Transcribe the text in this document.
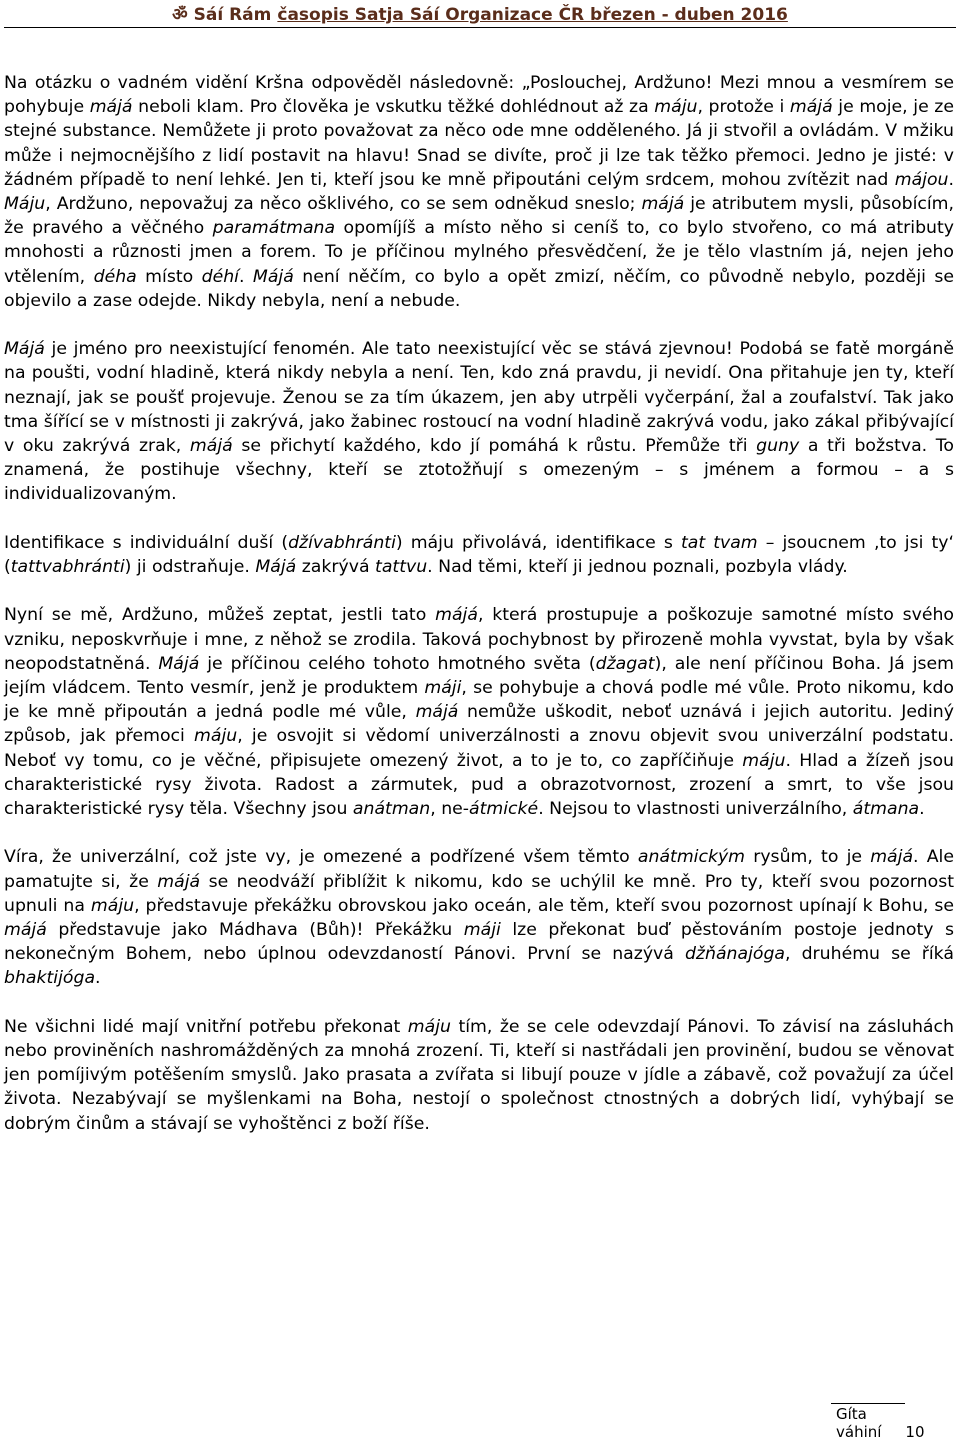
ॐ Sáí Rám časopis Satja Sáí Organizace ČR březen - duben 2016

Na otázku o vadném vidění Kršna odpověděl následovně: „Poslouchej, Ardžuno! Mezi mnou a vesmírem se pohybuje májá neboli klam. Pro člověka je vskutku těžké dohlédnout až za máju, protože i májá je moje, je ze stejné substance. Nemůžete ji proto považovat za něco ode mne odděleného. Já ji stvořil a ovládám. V mžiku může i nejmocnějšího z lidí postavit na hlavu! Snad se divíte, proč ji lze tak těžko přemoci. Jedno je jisté: v žádném případě to není lehké. Jen ti, kteří jsou ke mně připoutáni celým srdcem, mohou zvítězit nad májou. Máju, Ardžuno, nepovažuj za něco ošklivého, co se sem odněkud sneslo; májá je atributem mysli, působícím, že pravého a věčného paramátmana opomíjíš a místo něho si ceníš to, co bylo stvořeno, co má atributy mnohosti a různosti jmen a forem. To je příčinou mylného přesvědčení, že je tělo vlastním já, nejen jeho vtělením, déha místo déhí. Májá není něčím, co bylo a opět zmizí, něčím, co původně nebylo, později se objevilo a zase odejde. Nikdy nebyla, není a nebude.

Májá je jméno pro neexistující fenomén. Ale tato neexistující věc se stává zjevnou! Podobá se fatě morgáně na poušti, vodní hladině, která nikdy nebyla a není. Ten, kdo zná pravdu, ji nevidí. Ona přitahuje jen ty, kteří neznají, jak se poušť projevuje. Ženou se za tím úkazem, jen aby utrpěli vyčerpání, žal a zoufalství. Tak jako tma šířící se v místnosti ji zakrývá, jako žabinec rostoucí na vodní hladině zakrývá vodu, jako zákal přibývající v oku zakrývá zrak, májá se přichytí každého, kdo jí pomáhá k růstu. Přemůže tři guny a tři božstva. To znamená, že postihuje všechny, kteří se ztotožňují s omezeným – s jménem a formou – a s individualizovaným.

Identifikace s individuální duší (džívabhránti) máju přivolává, identifikace s tat tvam – jsoucnem ‚to jsi ty‘ (tattvabhránti) ji odstraňuje. Májá zakrývá tattvu. Nad těmi, kteří ji jednou poznali, pozbyla vlády.

Nyní se mě, Ardžuno, můžeš zeptat, jestli tato májá, která prostupuje a poškozuje samotné místo svého vzniku, neposkvrňuje i mne, z něhož se zrodila. Taková pochybnost by přirozeně mohla vyvstat, byla by však neopodstatněná. Májá je příčinou celého tohoto hmotného světa (džagat), ale není příčinou Boha. Já jsem jejím vládcem. Tento vesmír, jenž je produktem máji, se pohybuje a chová podle mé vůle. Proto nikomu, kdo je ke mně připoután a jedná podle mé vůle, májá nemůže uškodit, neboť uznává i jejich autoritu. Jediný způsob, jak přemoci máju, je osvojit si vědomí univerzálnosti a znovu objevit svou univerzální podstatu. Neboť vy tomu, co je věčné, připisujete omezený život, a to je to, co zapříčiňuje máju. Hlad a žízeň jsou charakteristické rysy života. Radost a zármutek, pud a obrazotvornost, zrození a smrt, to vše jsou charakteristické rysy těla. Všechny jsou anátman, ne-átmické. Nejsou to vlastnosti univerzálního, átmana.

Víra, že univerzální, což jste vy, je omezené a podřízené všem těmto anátmickým rysům, to je májá. Ale pamatujte si, že májá se neodváží přiblížit k nikomu, kdo se uchýlil ke mně. Pro ty, kteří svou pozornost upnuli na máju, představuje překážku obrovskou jako oceán, ale těm, kteří svou pozornost upínají k Bohu, se májá představuje jako Mádhava (Bůh)! Překážku máji lze překonat buď pěstováním postoje jednoty s nekonečným Bohem, nebo úplnou odevzdaností Pánovi. První se nazývá džňánajóga, druhému se říká bhaktijóga.

Ne všichni lidé mají vnitřní potřebu překonat máju tím, že se cele odevzdají Pánovi. To závisí na zásluhách nebo proviněních nashromážděných za mnohá zrození. Ti, kteří si nastřádali jen provinění, budou se věnovat jen pomíjivým potěšením smyslů. Jako prasata a zvířata si libují pouze v jídle a zábavě, což považují za účel života. Nezabývají se myšlenkami na Boha, nestojí o společnost ctnostných a dobrých lidí, vyhýbají se dobrým činům a stávají se vyhoštěnci z boží říše.

Gíta váhiní 10
